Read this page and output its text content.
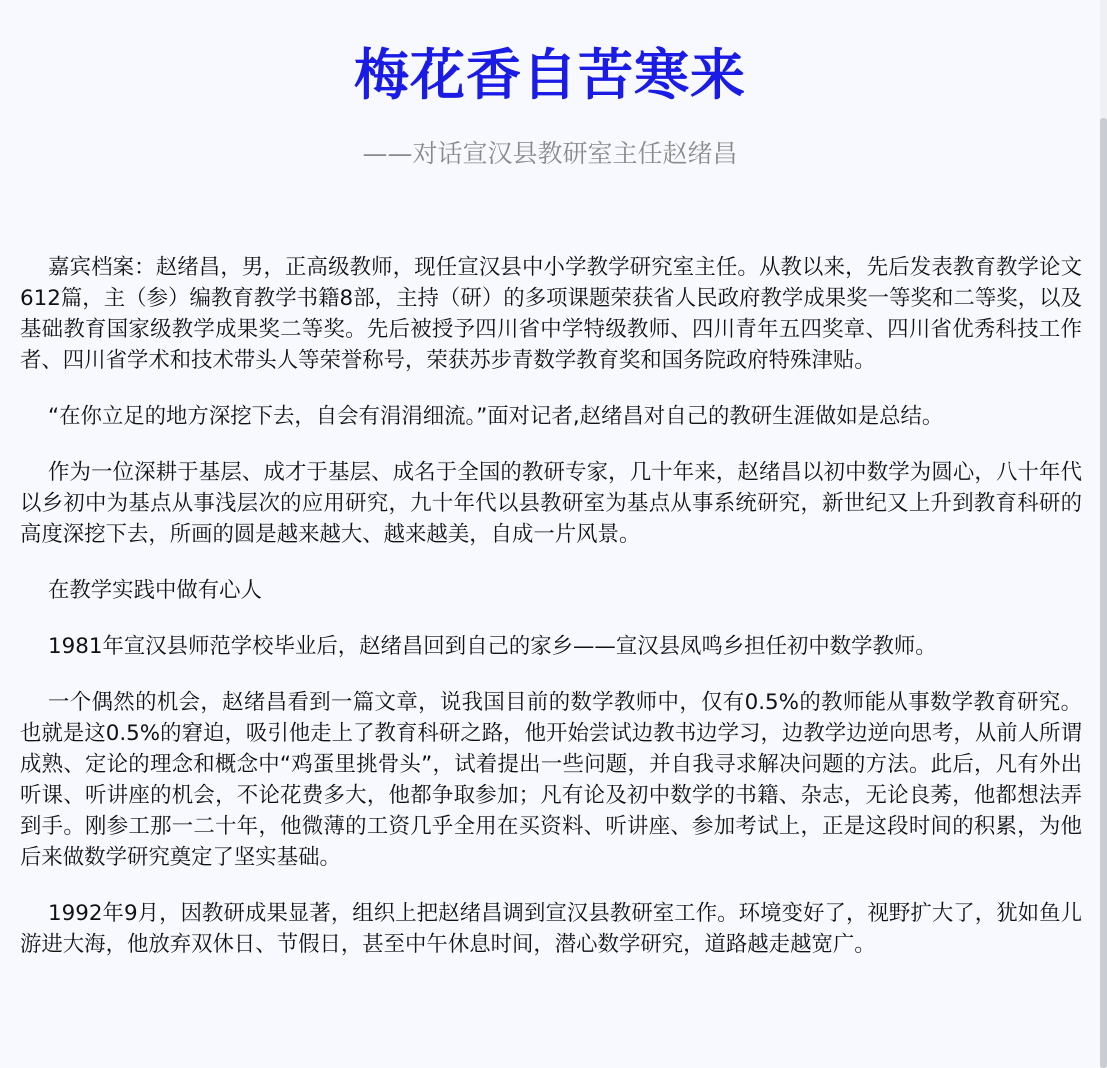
梅花香自苦寒来
——对话宣汉县教研室主任赵绪昌

嘉宾档案：赵绪昌，男，正高级教师，现任宣汉县中小学教学研究室主任。从教以来，先后发表教育教学论文612篇，主（参）编教育教学书籍8部，主持（研）的多项课题荣获省人民政府教学成果奖一等奖和二等奖，以及基础教育国家级教学成果奖二等奖。先后被授予四川省中学特级教师、四川青年五四奖章、四川省优秀科技工作者、四川省学术和技术带头人等荣誉称号，荣获苏步青数学教育奖和国务院政府特殊津贴。

“在你立足的地方深挖下去，自会有涓涓细流。”面对记者,赵绪昌对自己的教研生涯做如是总结。

作为一位深耕于基层、成才于基层、成名于全国的教研专家，几十年来，赵绪昌以初中数学为圆心，八十年代以乡初中为基点从事浅层次的应用研究，九十年代以县教研室为基点从事系统研究，新世纪又上升到教育科研的高度深挖下去，所画的圆是越来越大、越来越美，自成一片风景。

在教学实践中做有心人

1981年宣汉县师范学校毕业后，赵绪昌回到自己的家乡——宣汉县凤鸣乡担任初中数学教师。

一个偶然的机会，赵绪昌看到一篇文章，说我国目前的数学教师中，仅有0.5%的教师能从事数学教育研究。也就是这0.5%的窘迫，吸引他走上了教育科研之路，他开始尝试边教书边学习，边教学边逆向思考，从前人所谓成熟、定论的理念和概念中“鸡蛋里挑骨头”，试着提出一些问题，并自我寻求解决问题的方法。此后，凡有外出听课、听讲座的机会，不论花费多大，他都争取参加；凡有论及初中数学的书籍、杂志，无论良莠，他都想法弄到手。刚参工那一二十年，他微薄的工资几乎全用在买资料、听讲座、参加考试上，正是这段时间的积累，为他后来做数学研究奠定了坚实基础。

1992年9月，因教研成果显著，组织上把赵绪昌调到宣汉县教研室工作。环境变好了，视野扩大了，犹如鱼儿游进大海，他放弃双休日、节假日，甚至中午休息时间，潜心数学研究，道路越走越宽广。
